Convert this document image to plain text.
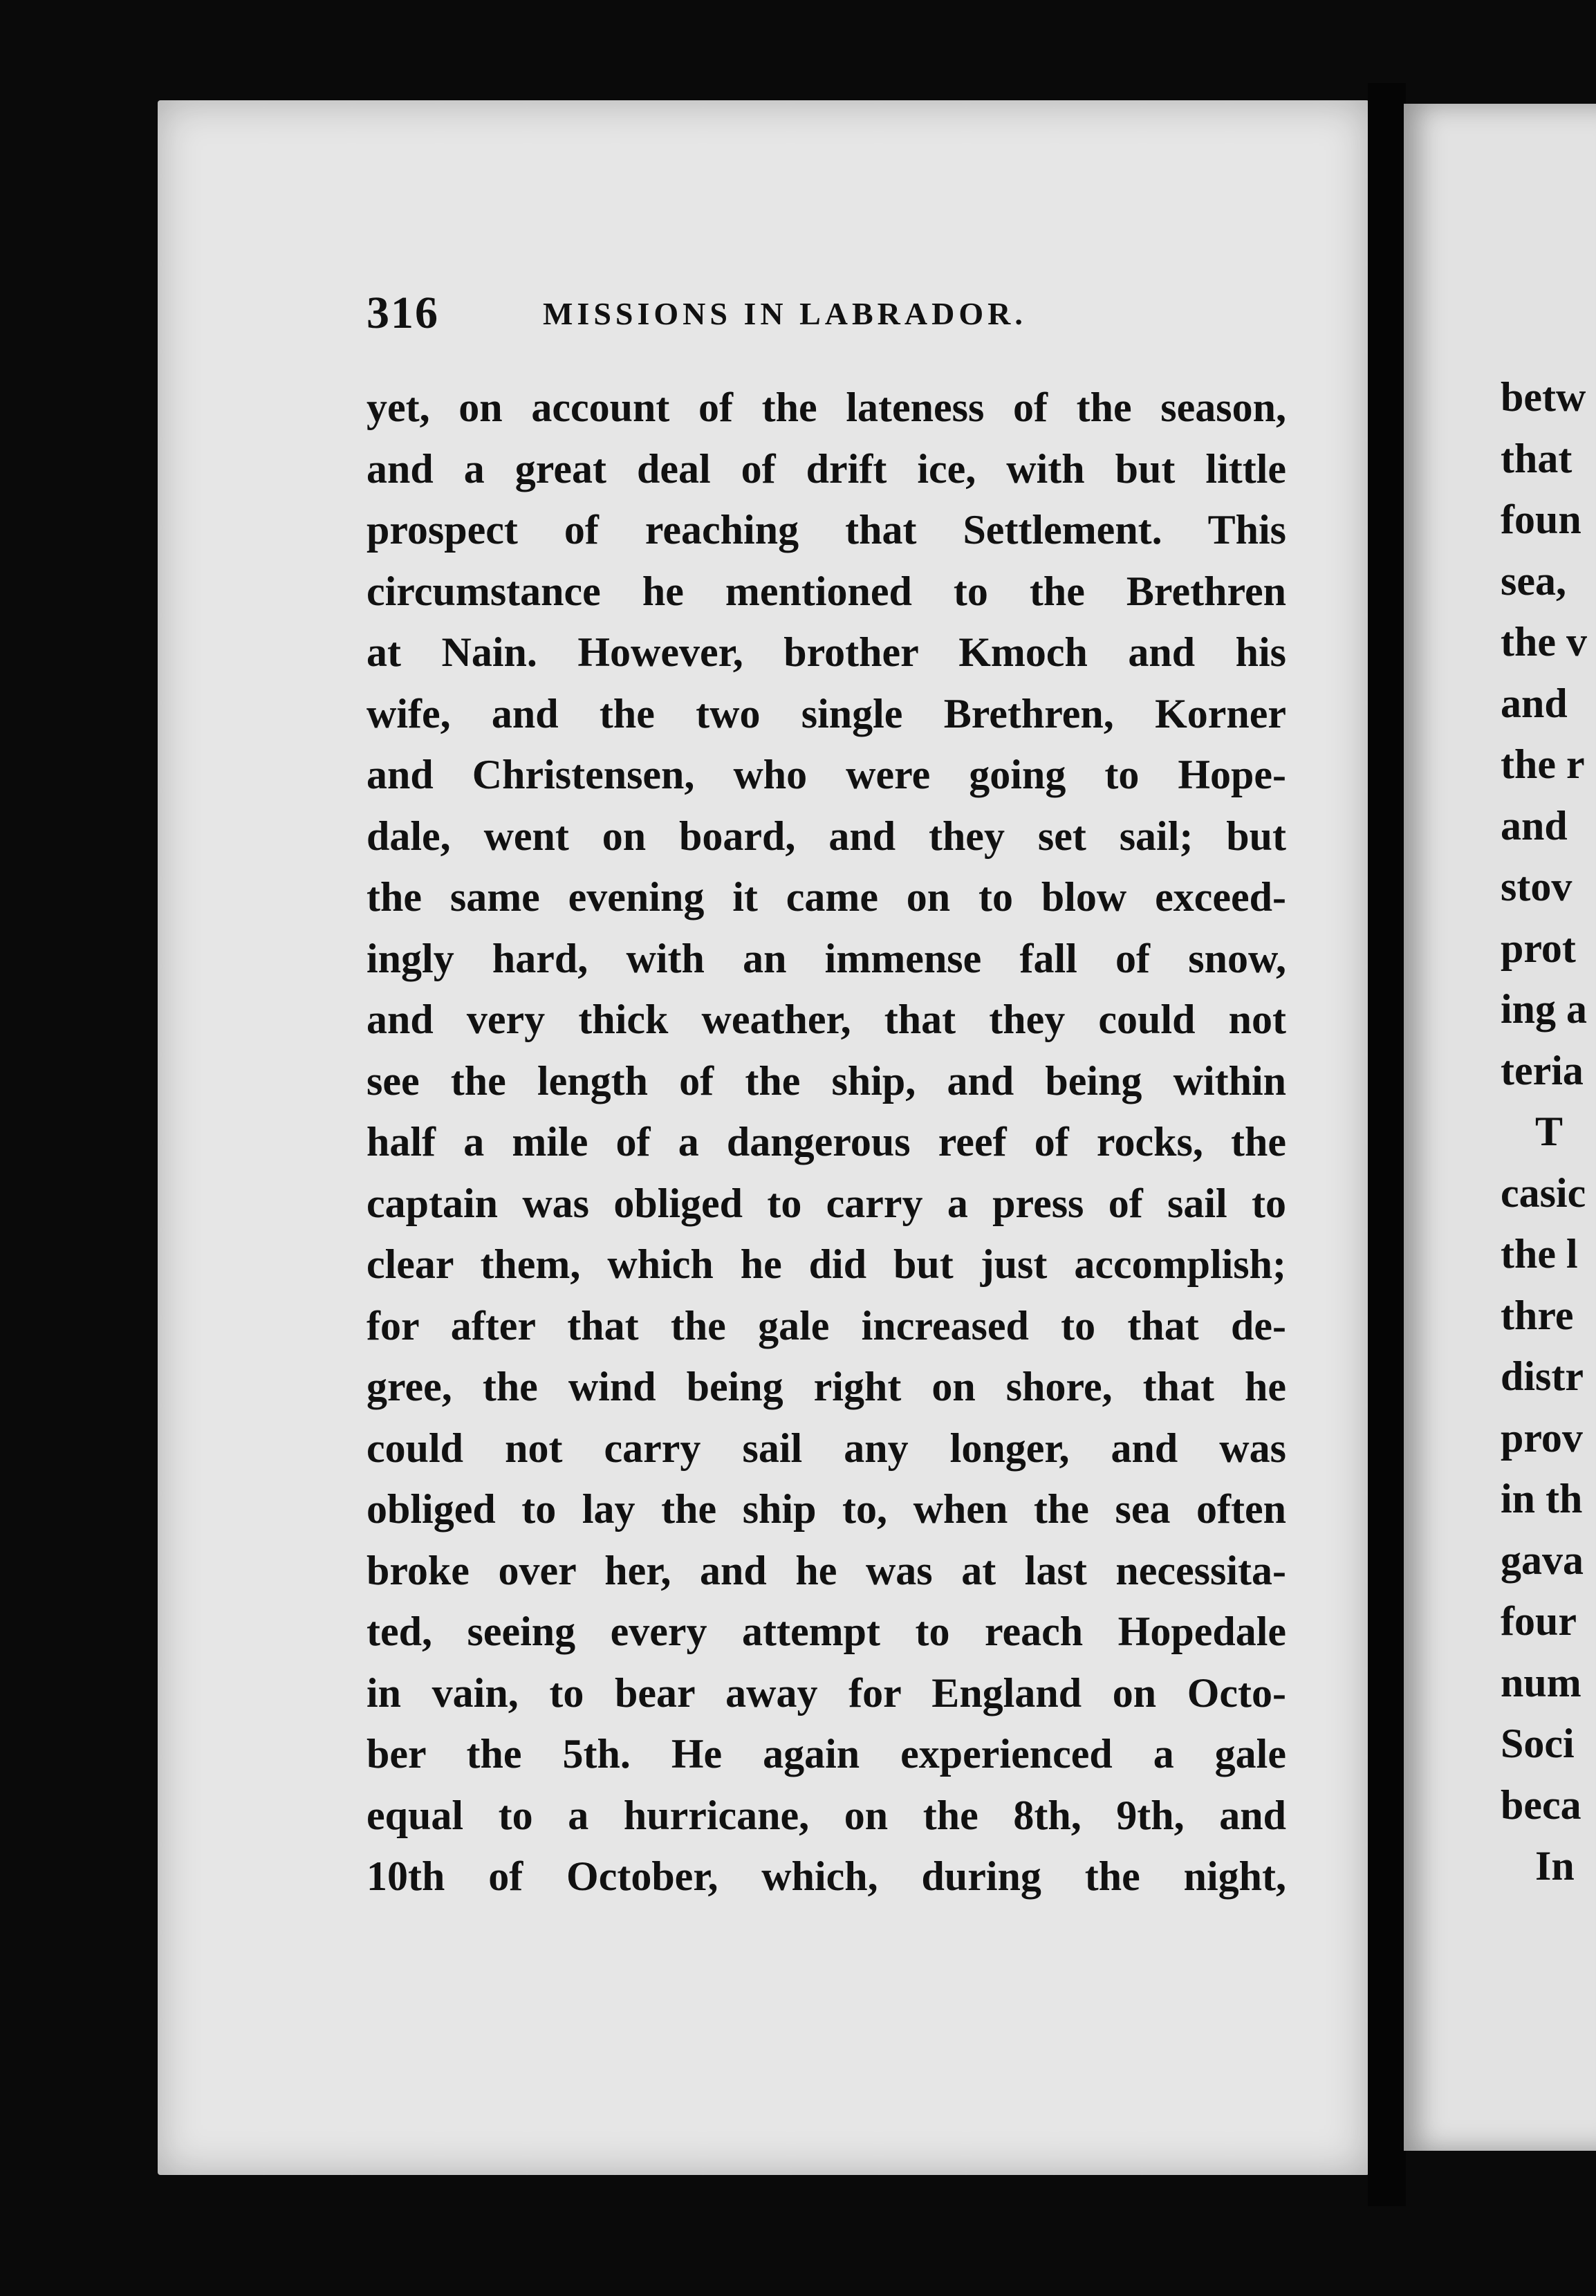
316	MISSIONS IN LABRADOR.
yet, on account of the lateness of the season,
and a great deal of drift ice, with but little
prospect of reaching that Settlement. This
circumstance he mentioned to the Brethren
at Nain. However, brother Kmoch and his
wife, and the two single Brethren, Korner
and Christensen, who were going to Hope-
dale, went on board, and they set sail; but
the same evening it came on to blow exceed-
ingly hard, with an immense fall of snow,
and very thick weather, that they could not
see the length of the ship, and being within
half a mile of a dangerous reef of rocks, the
captain was obliged to carry a press of sail to
clear them, which he did but just accomplish;
for after that the gale increased to that de-
gree, the wind being right on shore, that he
could not carry sail any longer, and was
obliged to lay the ship to, when the sea often
broke over her, and he was at last necessita-
ted, seeing every attempt to reach Hopedale
in vain, to bear away for England on Octo-
ber the 5th. He again experienced a gale
equal to a hurricane, on the 8th, 9th, and
10th of October, which, during the night,
betw
that
foun
sea,
the v
and
the r
and
stov
prot
ing a
teria
T
casic
the l
thre
distr
prov
in th
gava
four
num
Soci
beca
In
